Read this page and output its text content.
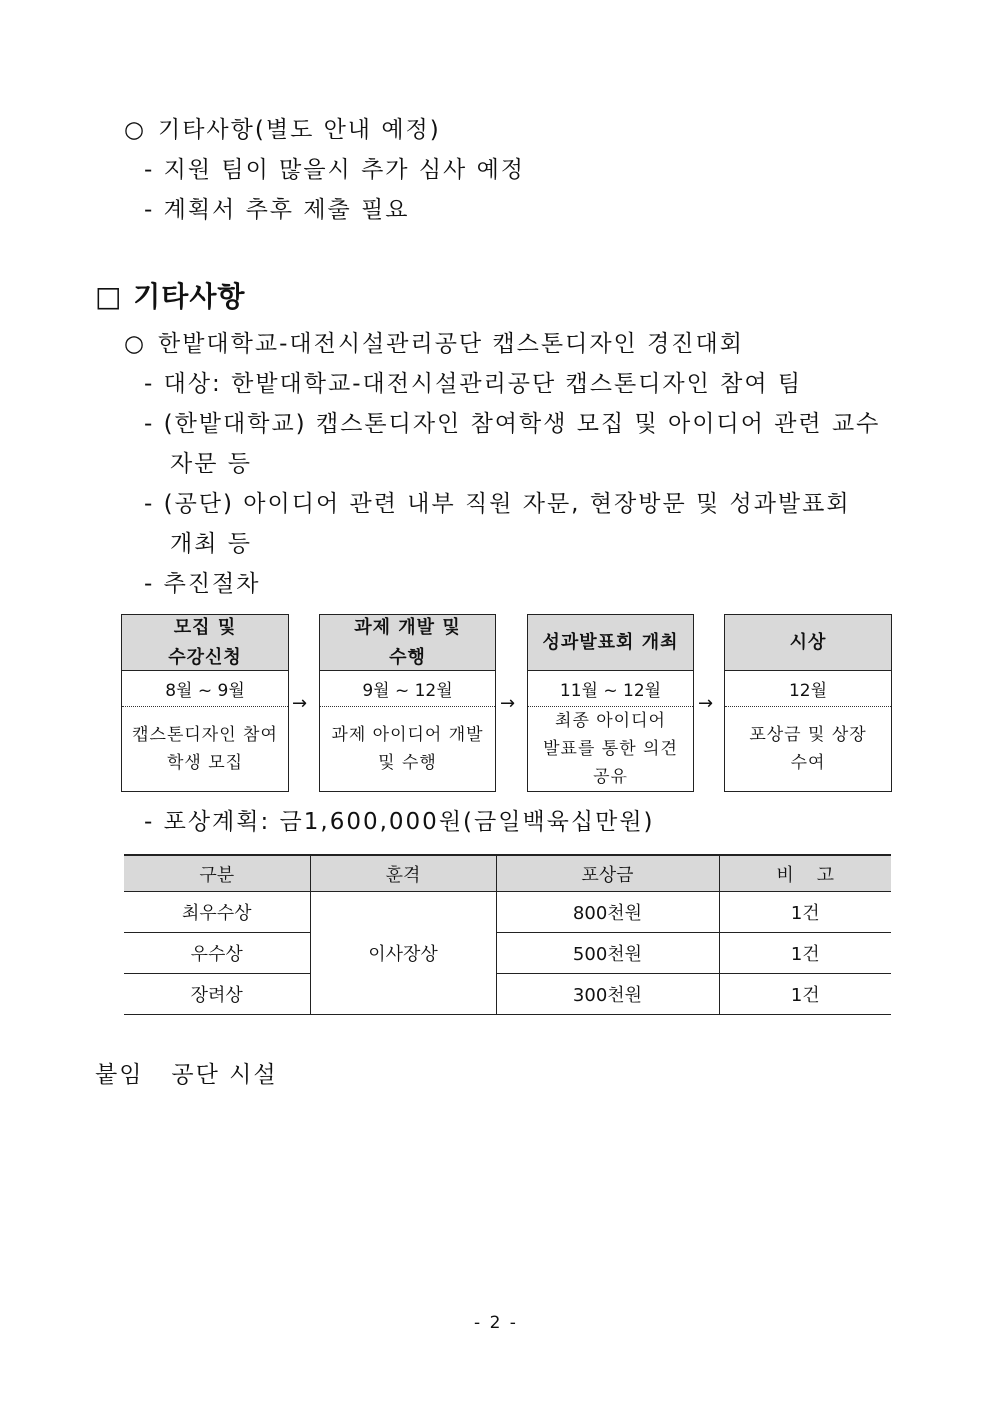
○ 기타사항(별도 안내 예정)
- 지원 팀이 많을시 추가 심사 예정
- 계획서 추후 제출 필요
□ 기타사항
○ 한밭대학교-대전시설관리공단 캡스톤디자인 경진대회
- 대상: 한밭대학교-대전시설관리공단 캡스톤디자인 참여 팀
- (한밭대학교) 캡스톤디자인 참여학생 모집 및 아이디어 관련 교수
자문 등
- (공단) 아이디어 관련 내부 직원 자문, 현장방문 및 성과발표회
개최 등
- 추진절차
모집 및
수강신청
8월 ~ 9월
캡스톤디자인 참여
학생 모집
→
과제 개발 및
수행
9월 ~ 12월
과제 아이디어 개발
및 수행
→
성과발표회 개최
11월 ~ 12월
최종 아이디어
발표를 통한 의견
공유
→
시상
12월
포상금 및 상장
수여
- 포상계획: 금1,600,000원(금일백육십만원)
구분	훈격	포상금	비    고
최우수상	이사장상	800천원	1건
우수상		500천원	1건
장려상		300천원	1건
붙임   공단 시설
- 2 -
